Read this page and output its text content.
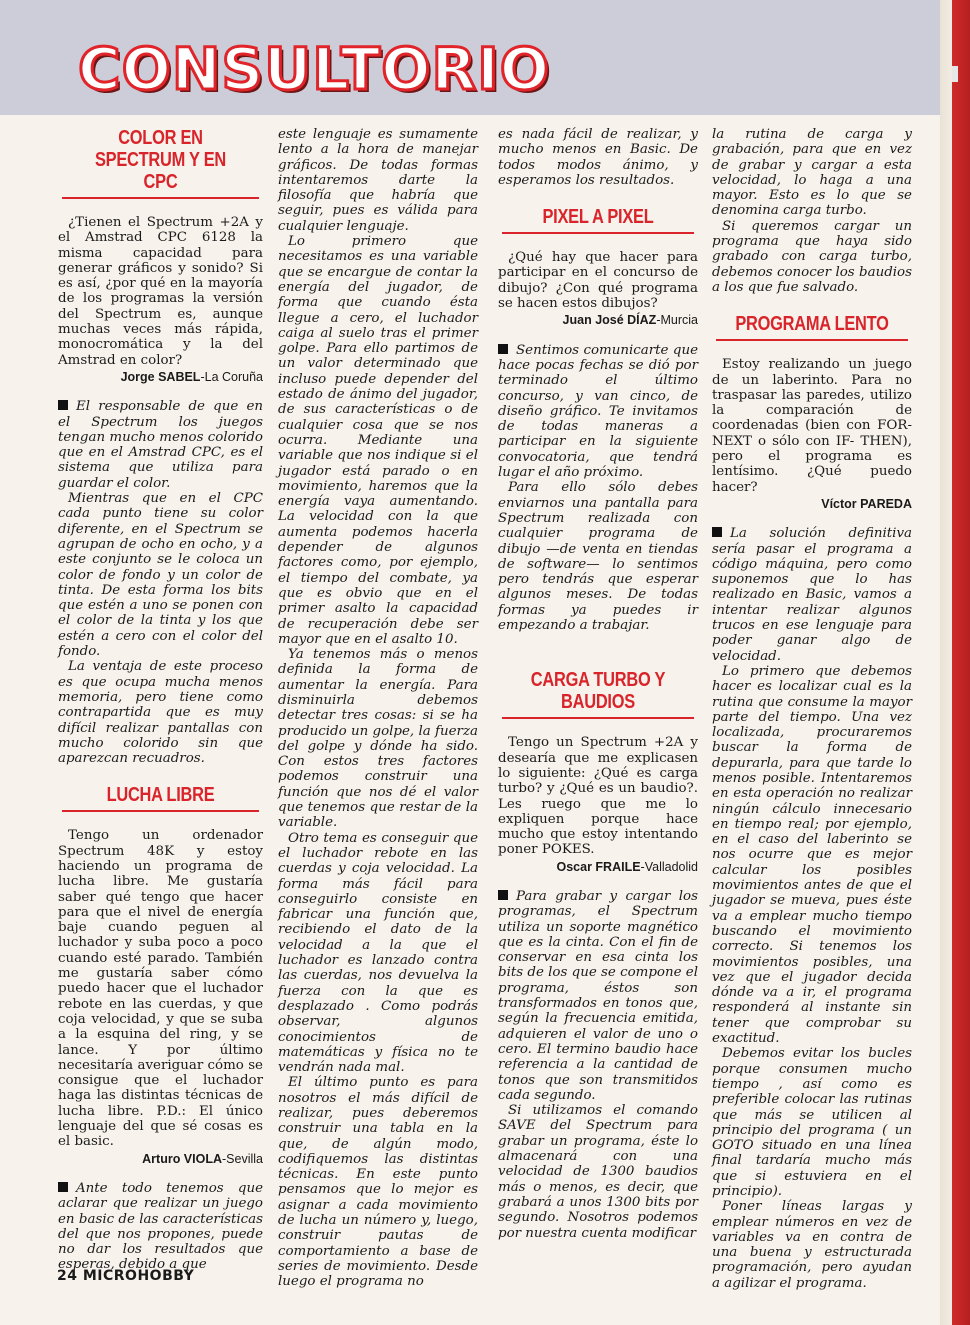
CONSULTORIO
COLOR EN SPECTRUM Y EN CPC

¿Tienen el Spectrum +2A y el Amstrad CPC 6128 la misma capacidad para generar gráficos y sonido? Si es así, ¿por qué en la mayoría de los programas la versión del Spectrum es, aunque muchas veces más rápida, monocromática y la del Amstrad en color?

Jorge SABEL-La Coruña

El responsable de que en el Spectrum los juegos tengan mucho menos colorido que en el Amstrad CPC, es el sistema que utiliza para guardar el color.

Mientras que en el CPC cada punto tiene su color diferente, en el Spectrum se agrupan de ocho en ocho, y a este conjunto se le coloca un color de fondo y un color de tinta. De esta forma los bits que estén a uno se ponen con el color de la tinta y los que estén a cero con el color del fondo.

La ventaja de este proceso es que ocupa mucha menos memoria, pero tiene como contrapartida que es muy difícil realizar pantallas con mucho colorido sin que aparezcan recuadros.

LUCHA LIBRE

Tengo un ordenador Spectrum 48K y estoy haciendo un programa de lucha libre. Me gustaría saber qué tengo que hacer para que el nivel de energía baje cuando peguen al luchador y suba poco a poco cuando esté parado. También me gustaría saber cómo puedo hacer que el luchador rebote en las cuerdas, y que coja velocidad, y que se suba a la esquina del ring, y se lance. Y por último necesitaría averiguar cómo se consigue que el luchador haga las distintas técnicas de lucha libre. P.D.: El único lenguaje del que sé cosas es el basic.

Arturo VIOLA-Sevilla

Ante todo tenemos que aclarar que realizar un juego en basic de las características del que nos propones, puede no dar los resultados que esperas, debido a que

este lenguaje es sumamente lento a la hora de manejar gráficos. De todas formas intentaremos darte la filosofía que habría que seguir, pues es válida para cualquier lenguaje.

Lo primero que necesitamos es una variable que se encargue de contar la energía del jugador, de forma que cuando ésta llegue a cero, el luchador caiga al suelo tras el primer golpe. Para ello partimos de un valor determinado que incluso puede depender del estado de ánimo del jugador, de sus características o de cualquier cosa que se nos ocurra. Mediante una variable que nos indique si el jugador está parado o en movimiento, haremos que la energía vaya aumentando. La velocidad con la que aumenta podemos hacerla depender de algunos factores como, por ejemplo, el tiempo del combate, ya que es obvio que en el primer asalto la capacidad de recuperación debe ser mayor que en el asalto 10.

Ya tenemos más o menos definida la forma de aumentar la energía. Para disminuirla debemos detectar tres cosas: si se ha producido un golpe, la fuerza del golpe y dónde ha sido. Con estos tres factores podemos construir una función que nos dé el valor que tenemos que restar de la variable.

Otro tema es conseguir que el luchador rebote en las cuerdas y coja velocidad. La forma más fácil para conseguirlo consiste en fabricar una función que, recibiendo el dato de la velocidad a la que el luchador es lanzado contra las cuerdas, nos devuelva la fuerza con la que es desplazado . Como podrás observar, algunos conocimientos de matemáticas y física no te vendrán nada mal.

El último punto es para nosotros el más difícil de realizar, pues deberemos construir una tabla en la que, de algún modo, codifiquemos las distintas técnicas. En este punto pensamos que lo mejor es asignar a cada movimiento de lucha un número y, luego, construir pautas de comportamiento a base de series de movimiento. Desde luego el programa no

es nada fácil de realizar, y mucho menos en Basic. De todos modos ánimo, y esperamos los resultados.

PIXEL A PIXEL

¿Qué hay que hacer para participar en el concurso de dibujo? ¿Con qué programa se hacen estos dibujos?

Juan José DÍAZ-Murcia

Sentimos comunicarte que hace pocas fechas se dió por terminado el último concurso, y van cinco, de diseño gráfico. Te invitamos de todas maneras a participar en la siguiente convocatoria, que tendrá lugar el año próximo.

Para ello sólo debes enviarnos una pantalla para Spectrum realizada con cualquier programa de dibujo —de venta en tiendas de software— lo sentimos pero tendrás que esperar algunos meses. De todas formas ya puedes ir empezando a trabajar.

CARGA TURBO Y BAUDIOS

Tengo un Spectrum +2A y desearía que me explicasen lo siguiente: ¿Qué es carga turbo? y ¿Qué es un baudio?. Les ruego que me lo expliquen porque hace mucho que estoy intentando poner POKES.

Oscar FRAILE-Valladolid

Para grabar y cargar los programas, el Spectrum utiliza un soporte magnético que es la cinta. Con el fin de conservar en esa cinta los bits de los que se compone el programa, éstos son transformados en tonos que, según la frecuencia emitida, adquieren el valor de uno o cero. El termino baudio hace referencia a la cantidad de tonos que son transmitidos cada segundo.

Si utilizamos el comando SAVE del Spectrum para grabar un programa, éste lo almacenará con una velocidad de 1300 baudios más o menos, es decir, que grabará a unos 1300 bits por segundo. Nosotros podemos por nuestra cuenta modificar

la rutina de carga y grabación, para que en vez de grabar y cargar a esta velocidad, lo haga a una mayor. Esto es lo que se denomina carga turbo.

Si queremos cargar un programa que haya sido grabado con carga turbo, debemos conocer los baudios a los que fue salvado.

PROGRAMA LENTO

Estoy realizando un juego de un laberinto. Para no traspasar las paredes, utilizo la comparación de coordenadas (bien con FOR-NEXT o sólo con IF- THEN), pero el programa es lentísimo. ¿Qué puedo hacer?

Víctor PAREDA

La solución definitiva sería pasar el programa a código máquina, pero como suponemos que lo has realizado en Basic, vamos a intentar realizar algunos trucos en ese lenguaje para poder ganar algo de velocidad.

Lo primero que debemos hacer es localizar cual es la rutina que consume la mayor parte del tiempo. Una vez localizada, procuraremos buscar la forma de depurarla, para que tarde lo menos posible. Intentaremos en esta operación no realizar ningún cálculo innecesario en tiempo real; por ejemplo, en el caso del laberinto se nos ocurre que es mejor calcular los posibles movimientos antes de que el jugador se mueva, pues éste va a emplear mucho tiempo buscando el movimiento correcto. Si tenemos los movimientos posibles, una vez que el jugador decida dónde va a ir, el programa responderá al instante sin tener que comprobar su exactitud.

Debemos evitar los bucles porque consumen mucho tiempo , así como es preferible colocar las rutinas que más se utilicen al principio del programa ( un GOTO situado en una línea final tardaría mucho más que si estuviera en el principio).

Poner líneas largas y emplear números en vez de variables va en contra de una buena y estructurada programación, pero ayudan a agilizar el programa.

24 MICROHOBBY
